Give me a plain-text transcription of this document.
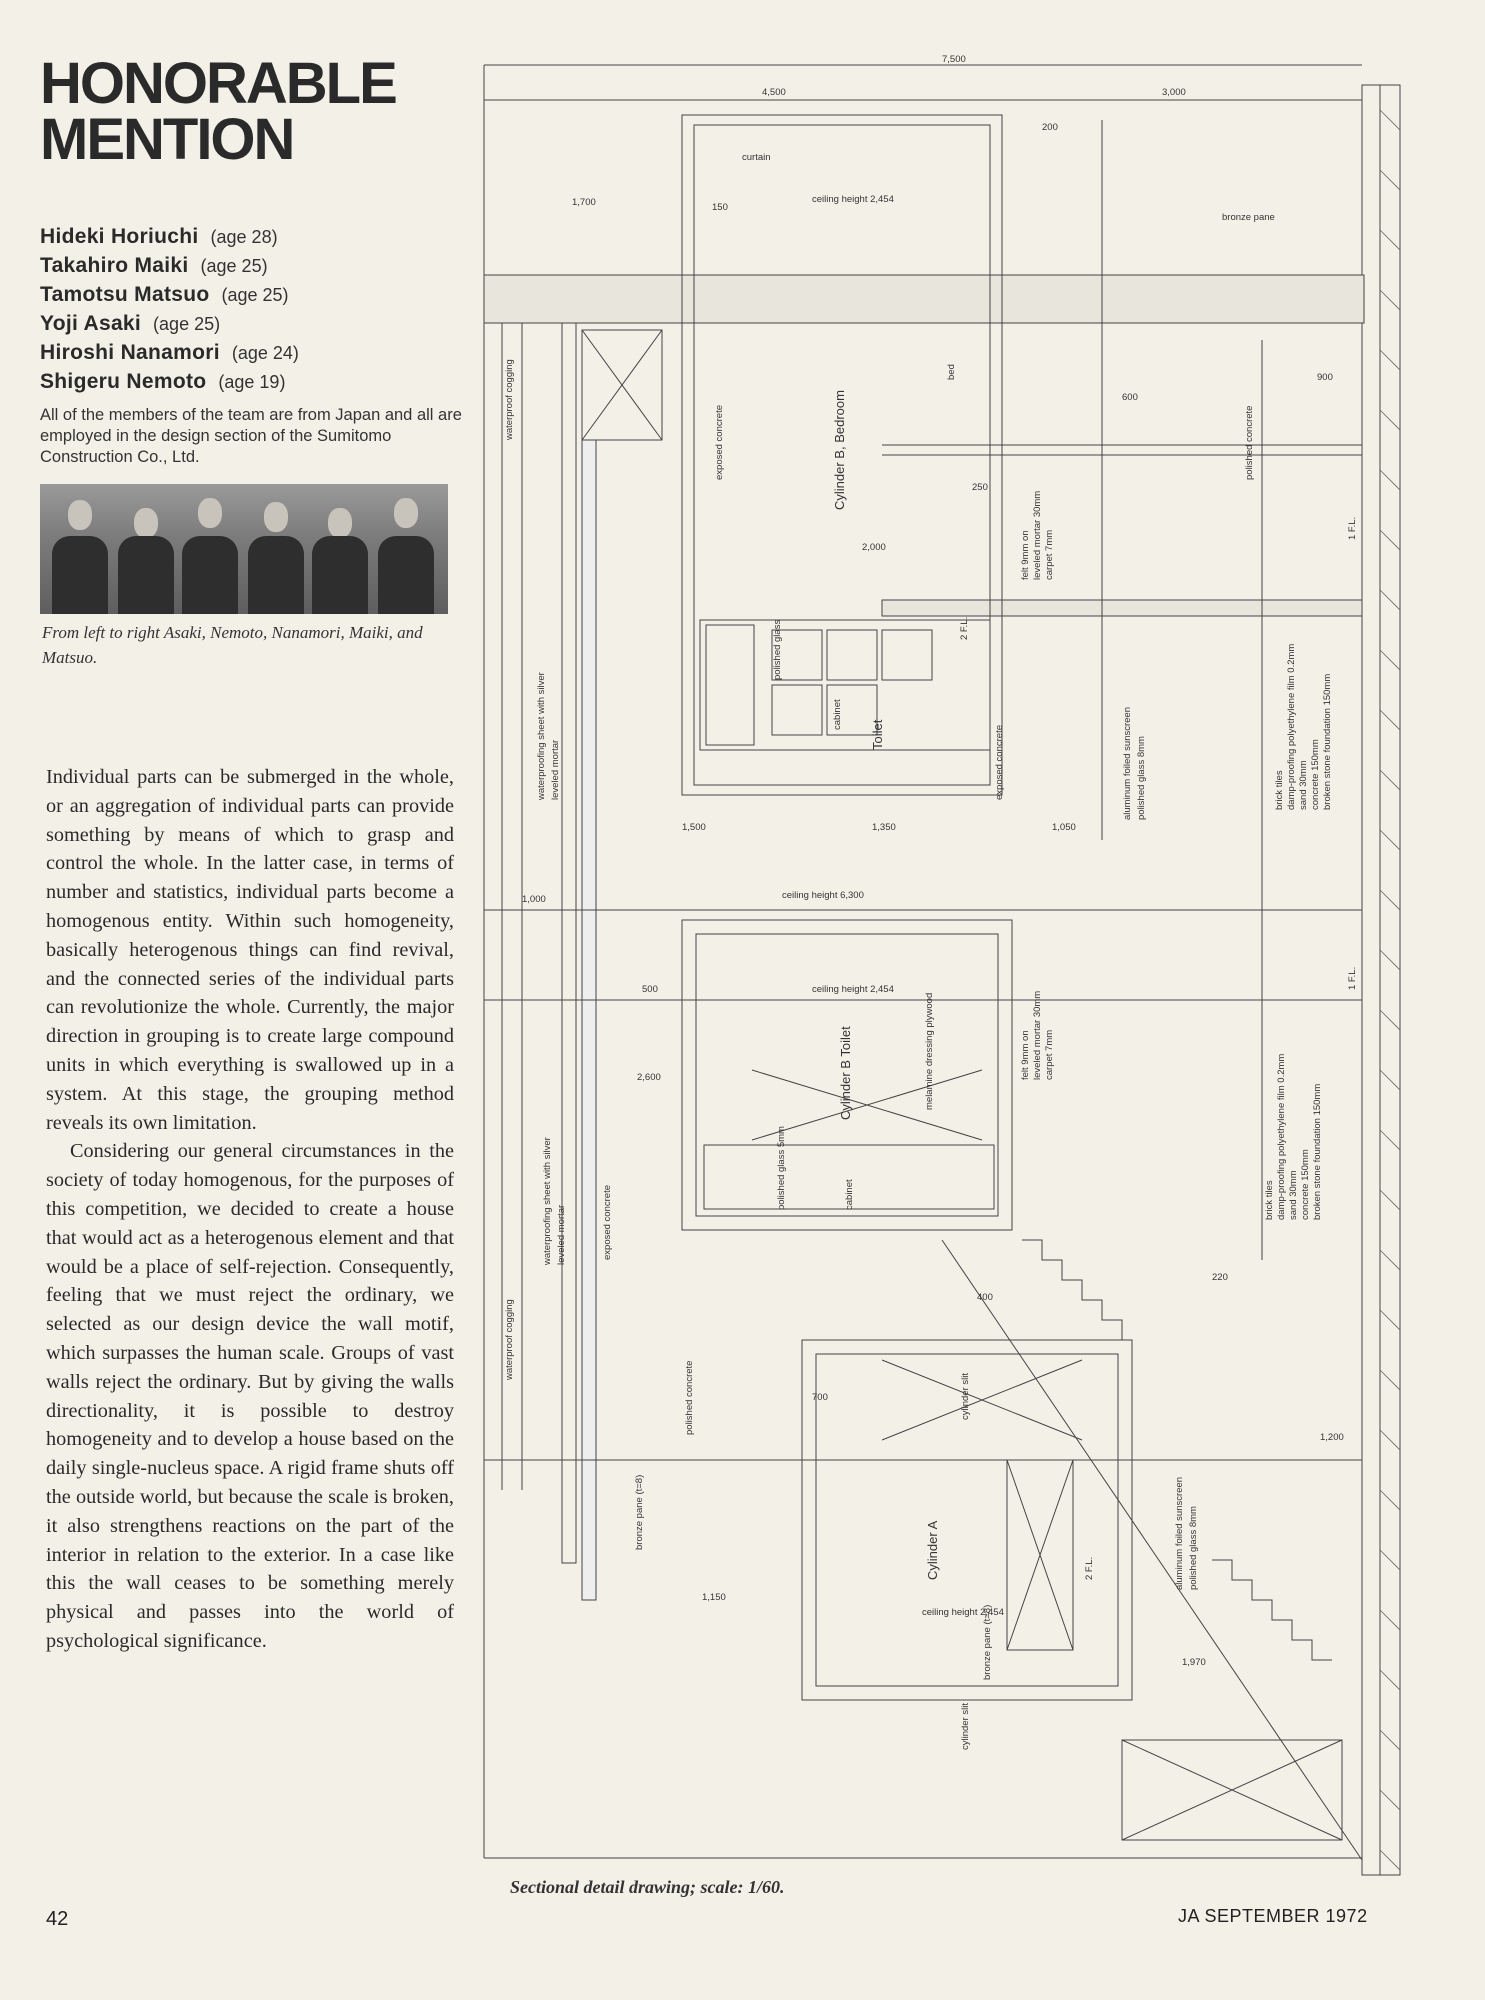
HONORABLE
MENTION
Hideki Horiuchi (age 28)
Takahiro Maiki (age 25)
Tamotsu Matsuo (age 25)
Yoji Asaki (age 25)
Hiroshi Nanamori (age 24)
Shigeru Nemoto (age 19)
All of the members of the team are from Japan and all are employed in the design section of the Sumitomo Construction Co., Ltd.
From left to right Asaki, Nemoto, Nanamori, Maiki, and Matsuo.

Individual parts can be submerged in the whole, or an aggregation of individual parts can provide something by means of which to grasp and control the whole. In the latter case, in terms of number and statistics, individual parts become a homogenous entity. Within such homogeneity, basically heterogenous things can find revival, and the connected series of the individual parts can revolutionize the whole. Currently, the major direction in grouping is to create large compound units in which everything is swallowed up in a system. At this stage, the grouping method reveals its own limitation.

Considering our general circumstances in the society of today homogenous, for the purposes of this competition, we decided to create a house that would act as a heterogenous element and that would be a place of self-rejection. Consequently, feeling that we must reject the ordinary, we selected as our design device the wall motif, which surpasses the human scale. Groups of vast walls reject the ordinary. But by giving the walls directionality, it is possible to destroy homogeneity and to develop a house based on the daily single-nucleus space. A rigid frame shuts off the outside world, but because the scale is broken, it also strengthens reactions on the part of the interior in relation to the exterior. In a case like this the wall ceases to be something merely physical and passes into the world of psychological significance.

7,500
4,500	3,000
1,700
2,000
1,500	1,350	1,050
1,000
1,200
1,970
2,600
1,150
500
700
200
150
250
600
400
900
220
ceiling height 2,454
ceiling height 6,300
ceiling height 2,454
ceiling height 2,454
bronze pane
curtain
Cylinder B, Bedroom
Cylinder B Toilet
Toilet
Cylinder A
exposed concrete
exposed concrete
exposed concrete
polished concrete
polished concrete
waterproof cogging
waterproof cogging
waterproofing sheet with silver leveled mortar
waterproofing sheet with silver leveled mortar
polished glass
polished glass 5mm
cabinet
cabinet
bed
bronze pane (t=8)
bronze pane (t=8)
melamine dressing plywood
cylinder slit
cylinder slit
2 F.L.
2 F.L.
1 F.L.
1 F.L.
felt 9mm on leveled mortar 30mm carpet 7mm
felt 9mm on leveled mortar 30mm carpet 7mm
aluminum foiled sunscreen polished glass 8mm
aluminum foiled sunscreen polished glass 8mm
brick tiles damp-proofing polyethylene film 0.2mm sand 30mm concrete 150mm broken stone foundation 150mm
brick tiles damp-proofing polyethylene film 0.2mm sand 30mm concrete 150mm broken stone foundation 150mm
Sectional detail drawing; scale: 1/60.
42	JA SEPTEMBER 1972
